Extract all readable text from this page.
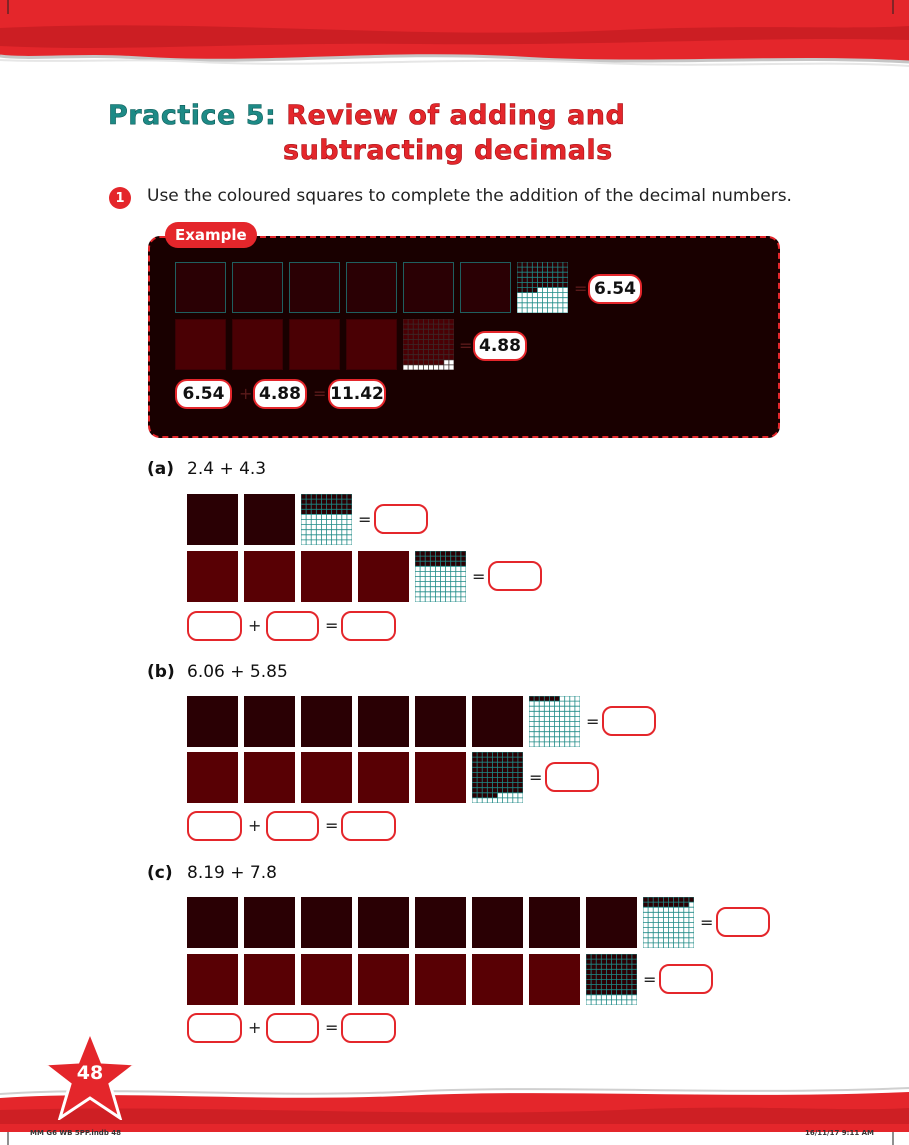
Practice 5: Review of adding and
subtracting decimals
1	Use the coloured squares to complete the addition of the decimal numbers.
Example
= 6.54
= 4.88
6.54 + 4.88 = 11.42
(a) 2.4 + 4.3
(b) 6.06 + 5.85
(c) 8.19 + 7.8
=
=
+	=
=
=
+	=
=
=
+	=
48
MM G6 WB 5PP.indb 48	16/11/17 9:11 AM
